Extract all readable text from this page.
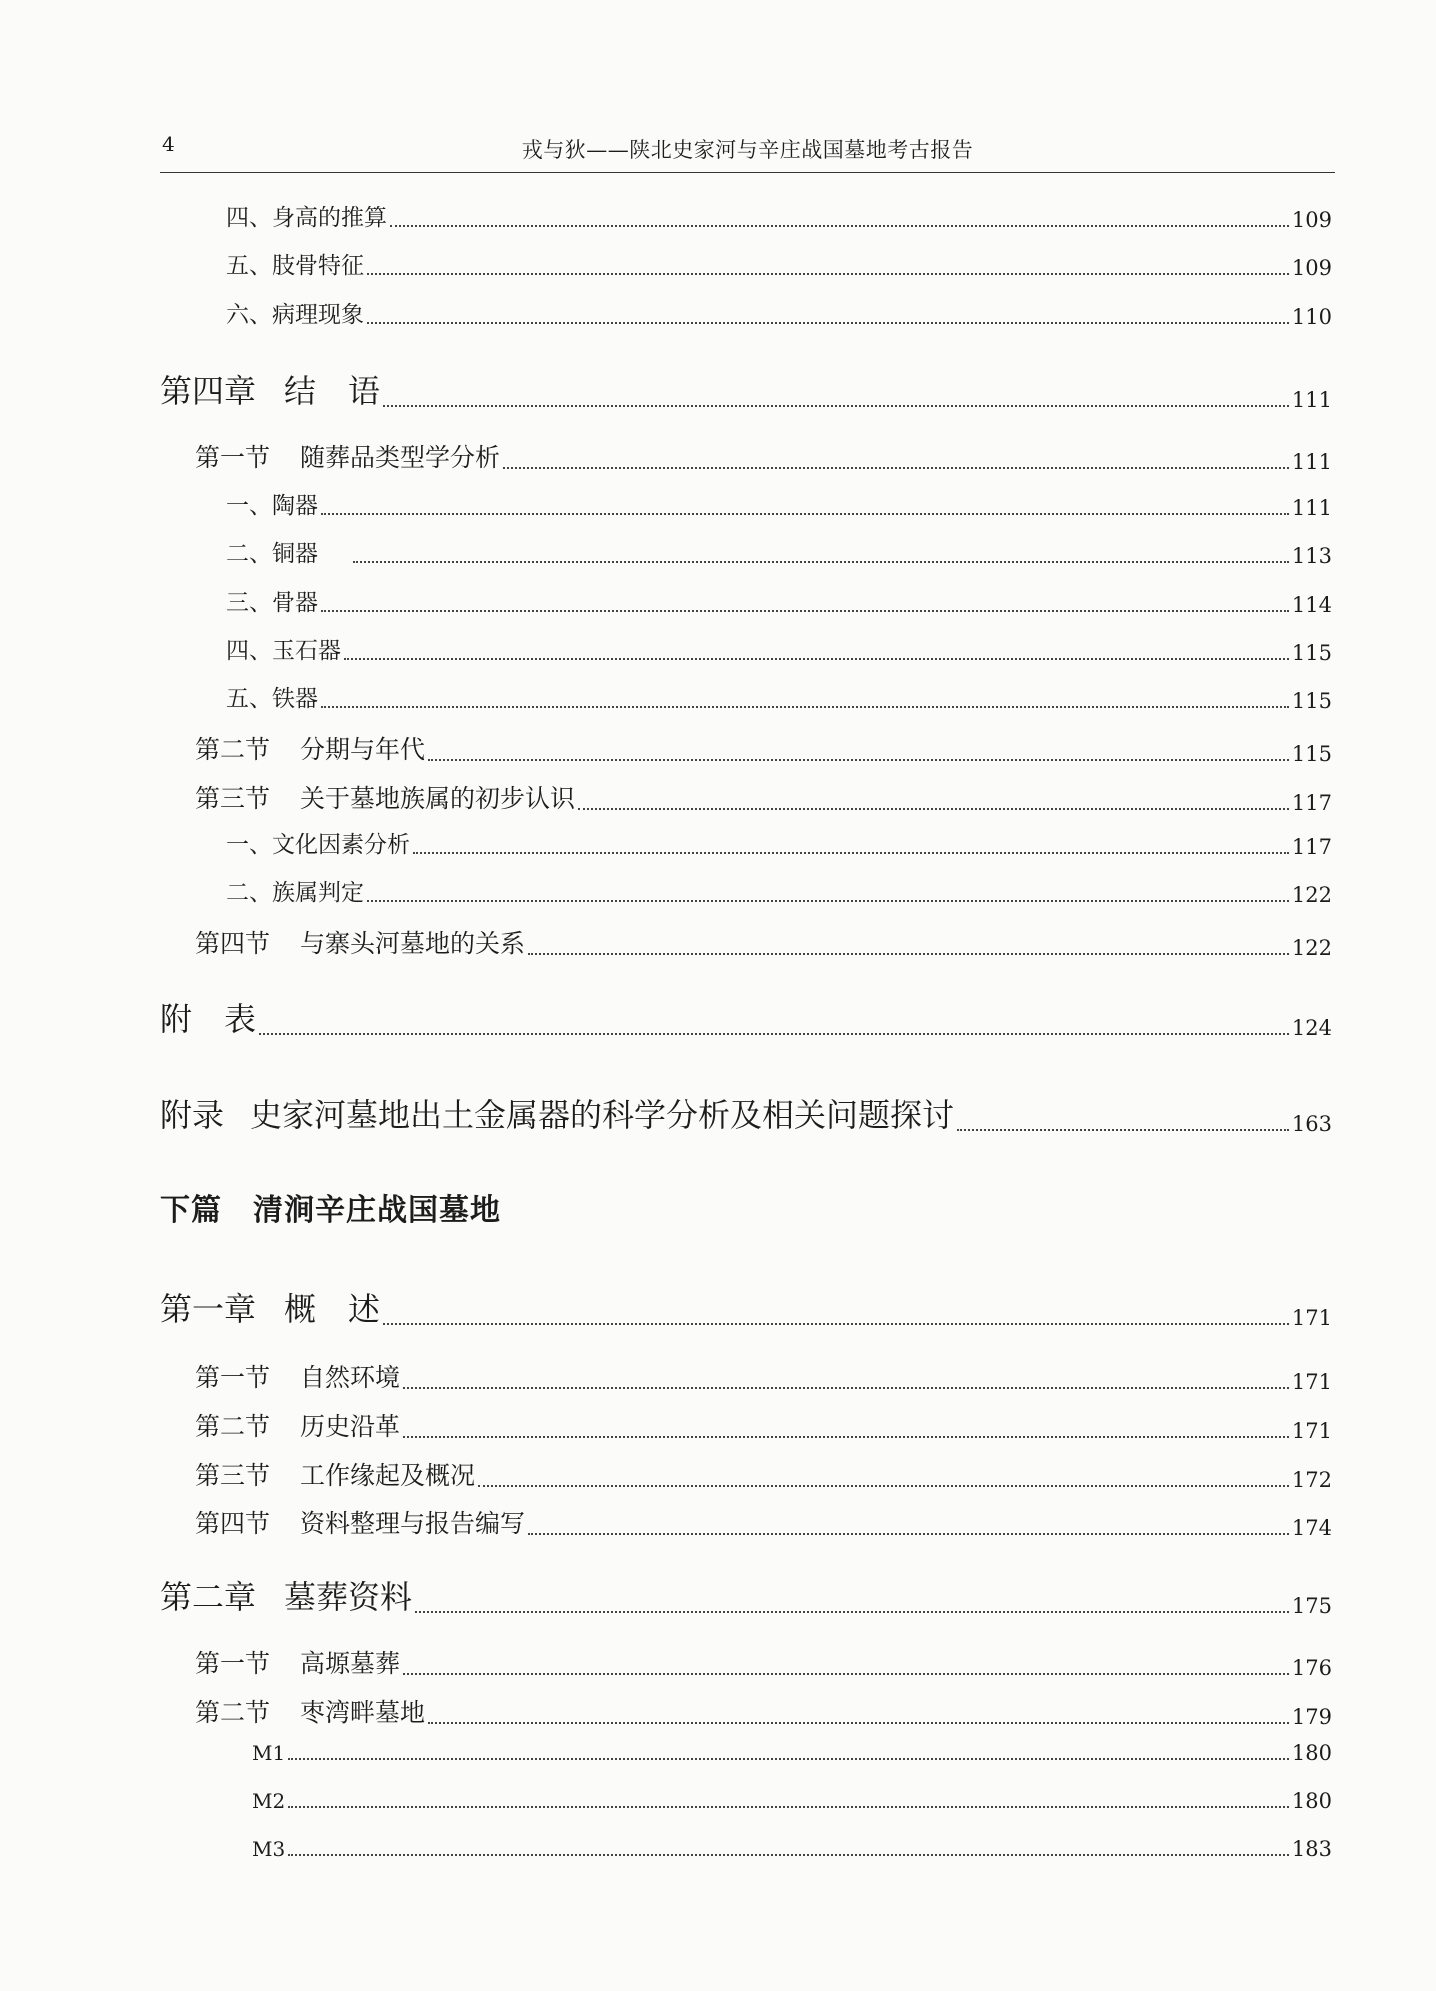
4	戎与狄——陕北史家河与辛庄战国墓地考古报告
四、身高的推算	109
五、肢骨特征	109
六、病理现象	110
第四章 结　语	111
第一节 随葬品类型学分析	111
一、陶器	111
二、铜器	113
三、骨器	114
四、玉石器	115
五、铁器	115
第二节 分期与年代	115
第三节 关于墓地族属的初步认识	117
一、文化因素分析	117
二、族属判定	122
第四节 与寨头河墓地的关系	122
附　表	124
附录 史家河墓地出土金属器的科学分析及相关问题探讨	163
下篇　清涧辛庄战国墓地
第一章 概　述	171
第一节 自然环境	171
第二节 历史沿革	171
第三节 工作缘起及概况	172
第四节 资料整理与报告编写	174
第二章 墓葬资料	175
第一节 高塬墓葬	176
第二节 枣湾畔墓地	179
M1	180
M2	180
M3	183
